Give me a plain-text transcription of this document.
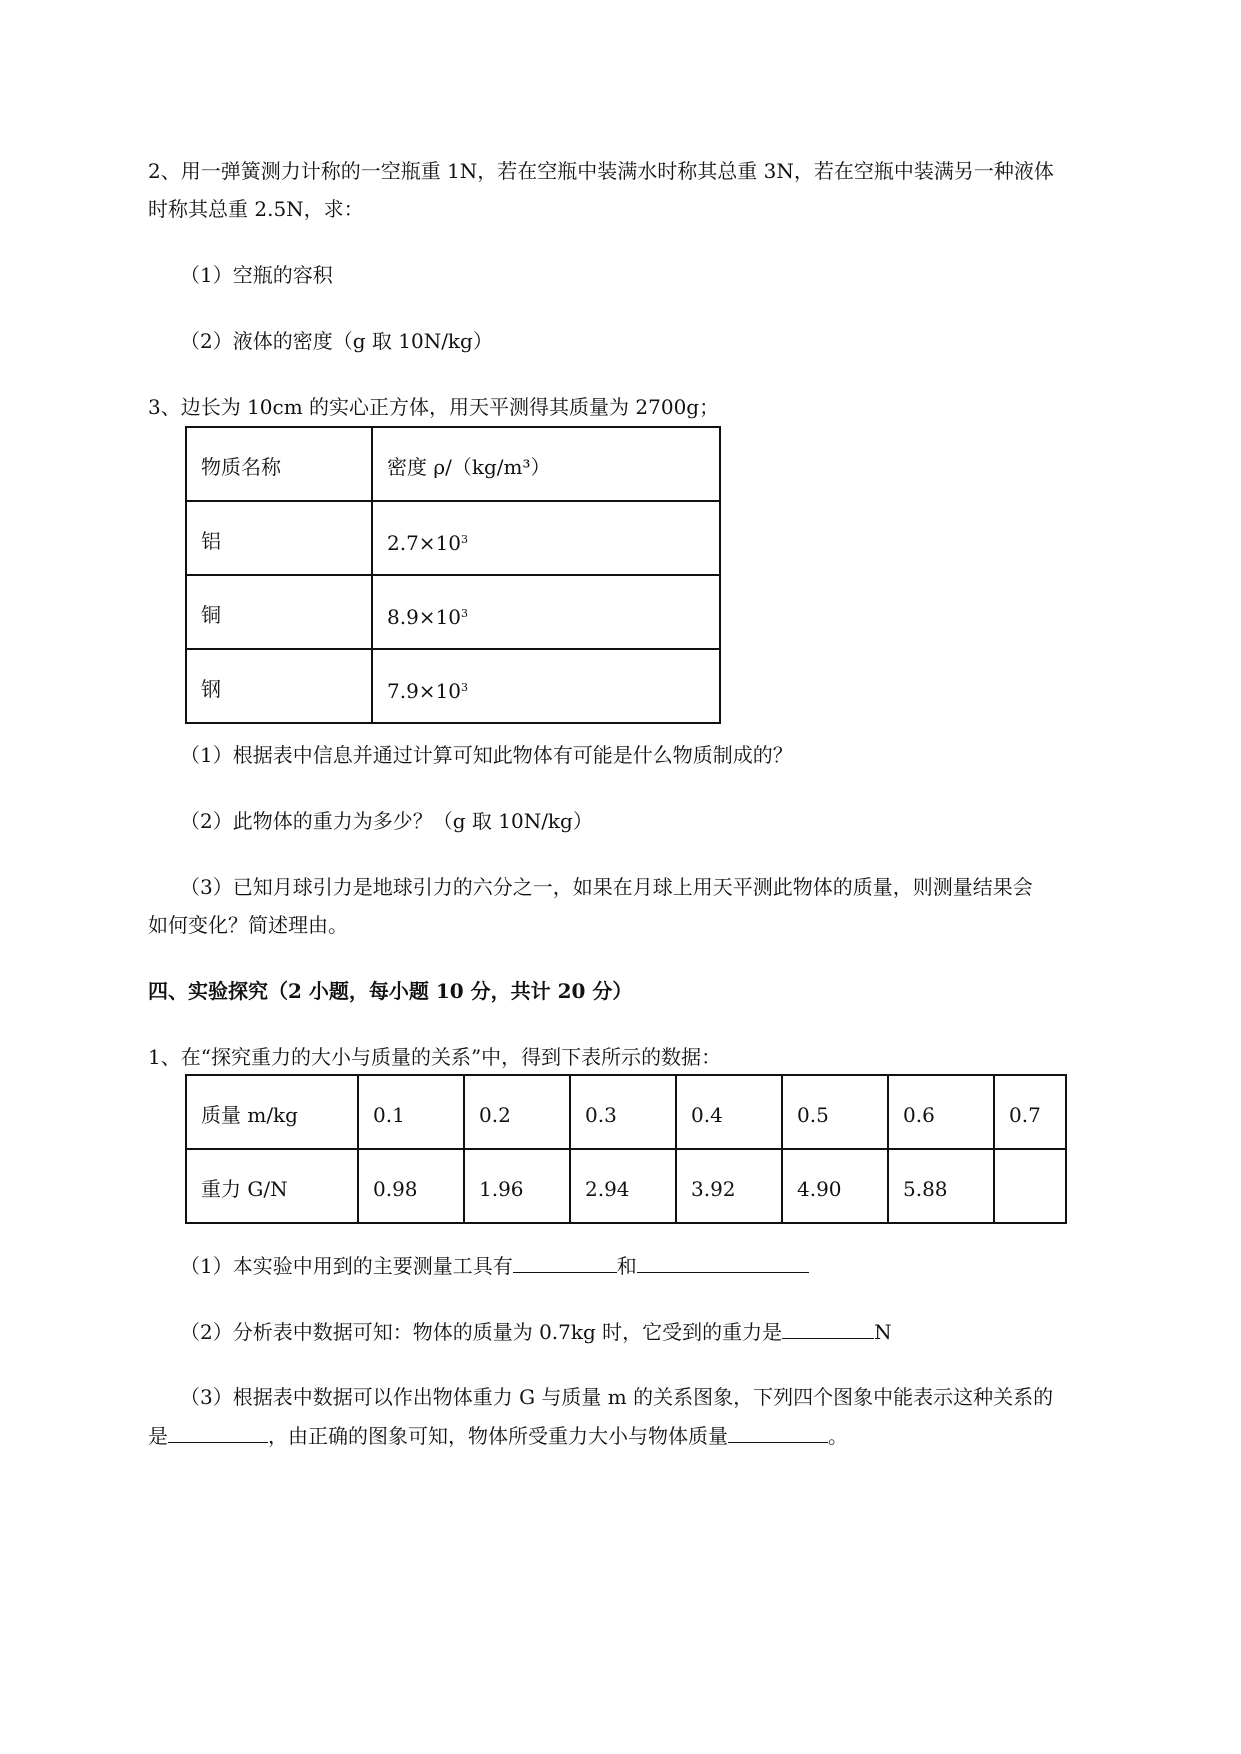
2、用一弹簧测力计称的一空瓶重 1N，若在空瓶中装满水时称其总重 3N，若在空瓶中装满另一种液体
时称其总重 2.5N，求：
（1）空瓶的容积
（2）液体的密度（g 取 10N/kg）
3、边长为 10cm 的实心正方体，用天平测得其质量为 2700g；
物质名称	密度 ρ/（kg/m³）
铝	$2.7\times 10^3$
铜	$8.9\times 10^3$
钢	$7.9\times 10^3$
（1）根据表中信息并通过计算可知此物体有可能是什么物质制成的？
（2）此物体的重力为多少？（g 取 10N/kg）
（3）已知月球引力是地球引力的六分之一，如果在月球上用天平测此物体的质量，则测量结果会
如何变化？简述理由。
四、实验探究（2 小题，每小题 10 分，共计 20 分）
1、在“探究重力的大小与质量的关系”中，得到下表所示的数据：
质量 m/kg	0.1	0.2	0.3	0.4	0.5	0.6	0.7
重力 G/N	0.98	1.96	2.94	3.92	4.90	5.88	
（1）本实验中用到的主要测量工具有	和
（2）分析表中数据可知：物体的质量为 0.7kg 时，它受到的重力是	N
（3）根据表中数据可以作出物体重力 G 与质量 m 的关系图象，下列四个图象中能表示这种关系的
是	，由正确的图象可知，物体所受重力大小与物体质量	。
